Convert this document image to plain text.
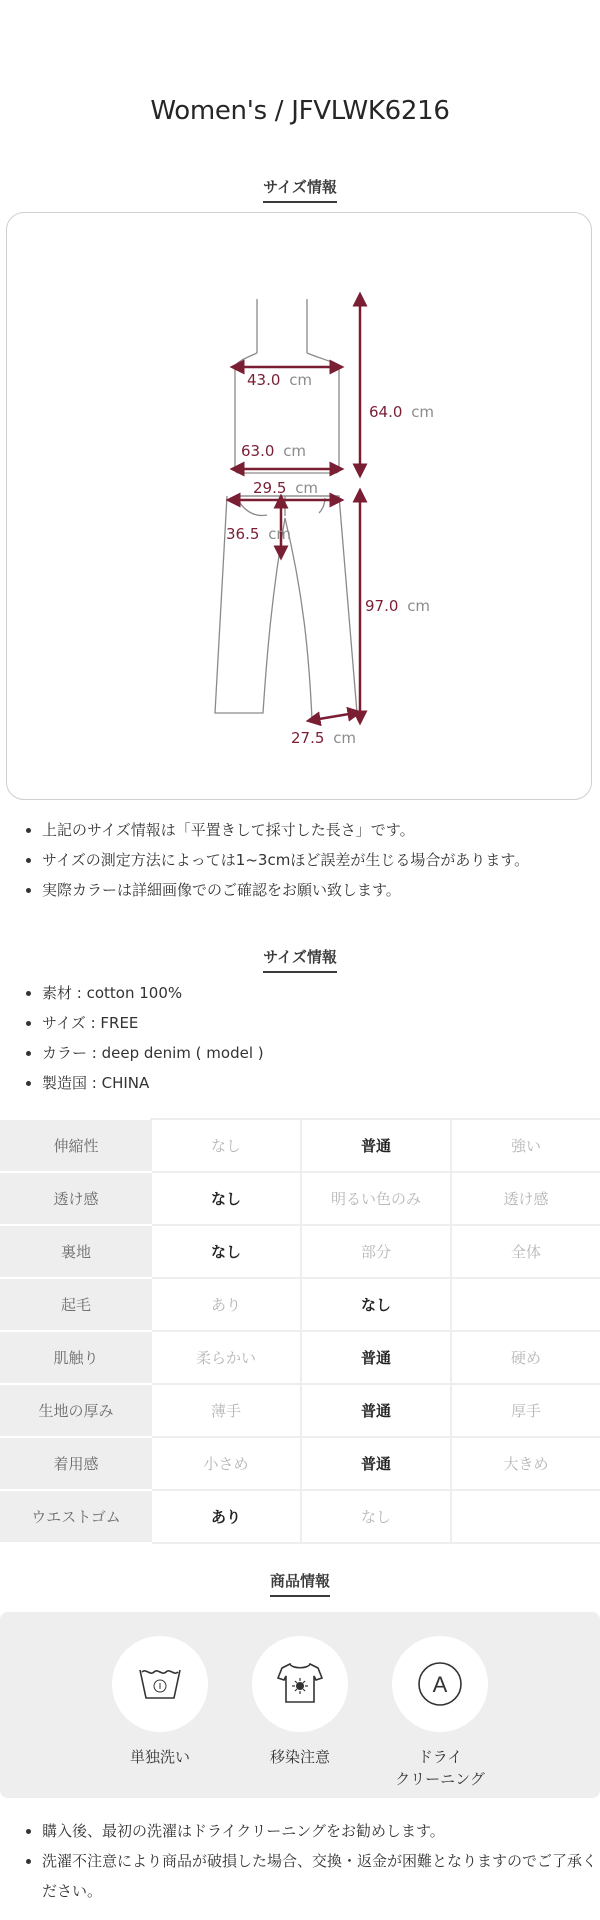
Women's / JFVLWK6216
サイズ情報
43.0 cm
64.0 cm
63.0 cm
29.5 cm
36.5 cm
97.0 cm
27.5 cm
• 上記のサイズ情報は「平置きして採寸した長さ」です。
• サイズの測定方法によっては1~3cmほど誤差が生じる場合があります。
• 実際カラーは詳細画像でのご確認をお願い致します。
サイズ情報
• 素材 : cotton 100%
• サイズ : FREE
• カラー : deep denim ( model )
• 製造国 : CHINA
伸縮性	なし	普通	強い
透け感	なし	明るい色のみ	透け感
裏地	なし	部分	全体
起毛	あり	なし	
肌触り	柔らかい	普通	硬め
生地の厚み	薄手	普通	厚手
着用感	小さめ	普通	大きめ
ウエストゴム	あり	なし	
商品情報
単独洗い	移染注意
A
ドライ
クリーニング
• 購入後、最初の洗濯はドライクリーニングをお勧めします。
• 洗濯不注意により商品が破損した場合、交換・返金が困難となりますのでご了承ください。
